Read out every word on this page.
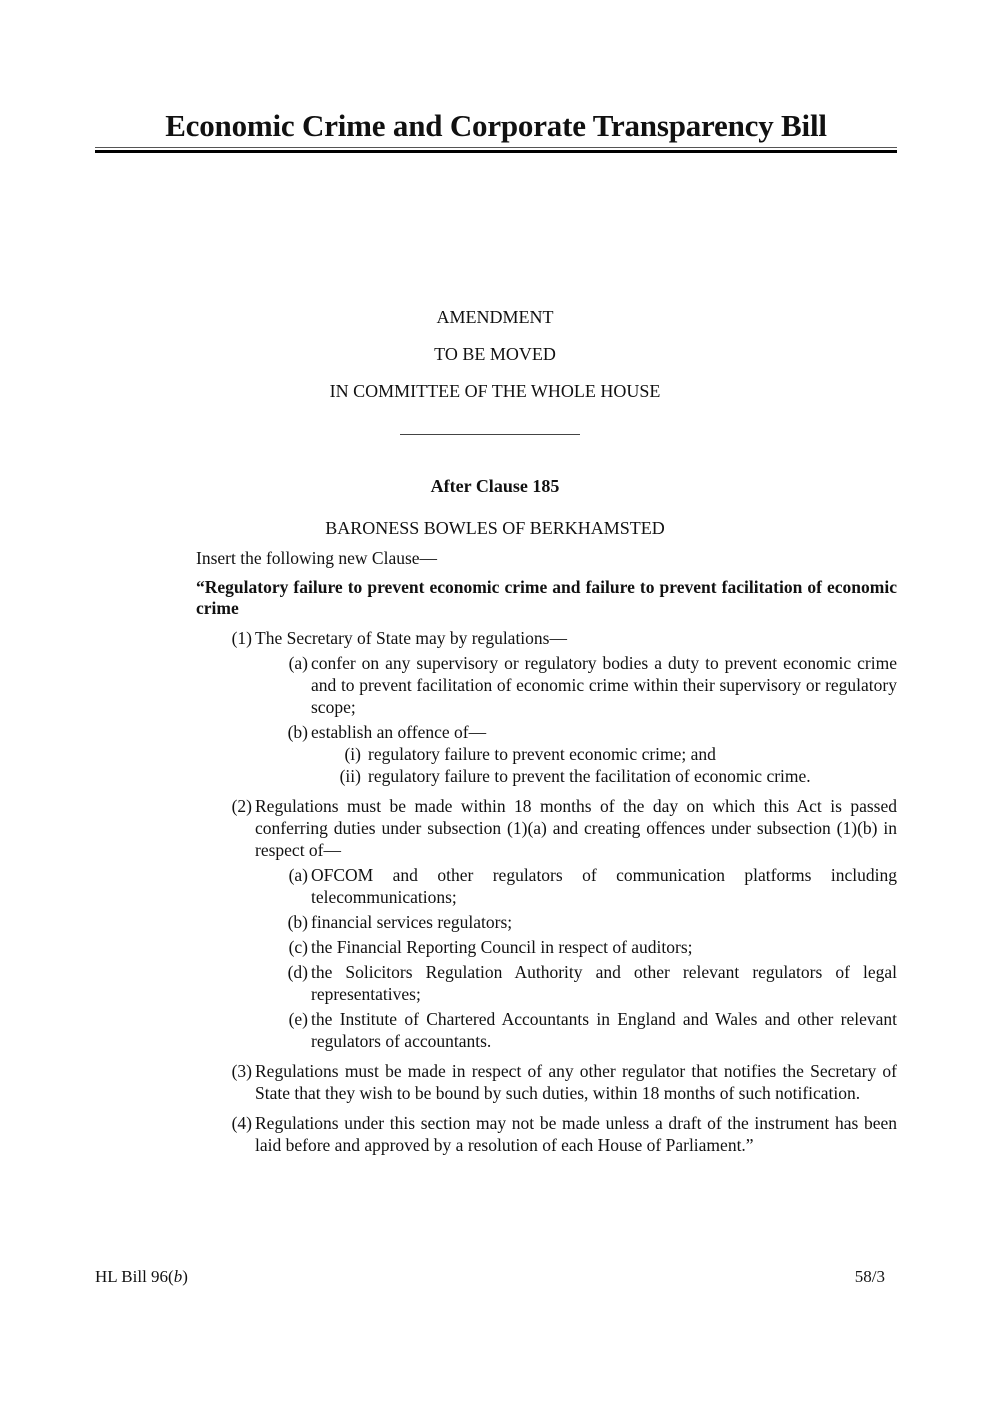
Economic Crime and Corporate Transparency Bill
AMENDMENT
TO BE MOVED
IN COMMITTEE OF THE WHOLE HOUSE
After Clause 185
BARONESS BOWLES OF BERKHAMSTED
Insert the following new Clause—
“Regulatory failure to prevent economic crime and failure to prevent facilitation of economic crime
(1) The Secretary of State may by regulations—
(a) confer on any supervisory or regulatory bodies a duty to prevent economic crime and to prevent facilitation of economic crime within their supervisory or regulatory scope;
(b) establish an offence of—
(i) regulatory failure to prevent economic crime; and
(ii) regulatory failure to prevent the facilitation of economic crime.
(2) Regulations must be made within 18 months of the day on which this Act is passed conferring duties under subsection (1)(a) and creating offences under subsection (1)(b) in respect of—
(a) OFCOM and other regulators of communication platforms including telecommunications;
(b) financial services regulators;
(c) the Financial Reporting Council in respect of auditors;
(d) the Solicitors Regulation Authority and other relevant regulators of legal representatives;
(e) the Institute of Chartered Accountants in England and Wales and other relevant regulators of accountants.
(3) Regulations must be made in respect of any other regulator that notifies the Secretary of State that they wish to be bound by such duties, within 18 months of such notification.
(4) Regulations under this section may not be made unless a draft of the instrument has been laid before and approved by a resolution of each House of Parliament.”
HL Bill 96(b)	58/3
